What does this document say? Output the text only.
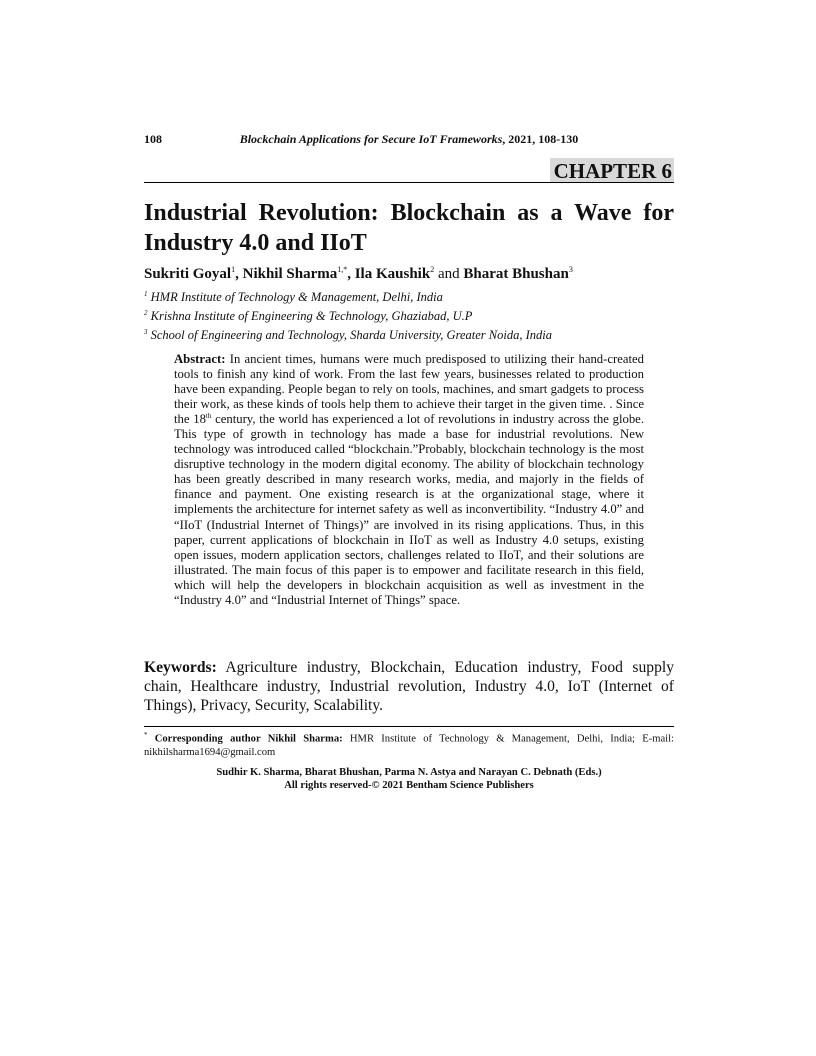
108	Blockchain Applications for Secure IoT Frameworks, 2021, 108-130
CHAPTER 6
Industrial Revolution: Blockchain as a Wave for Industry 4.0 and IIoT
Sukriti Goyal$^1$, Nikhil Sharma$^{1,*}$, Ila Kaushik$^2$ and Bharat Bhushan$^3$
$^1$ HMR Institute of Technology & Management, Delhi, India
$^2$ Krishna Institute of Engineering & Technology, Ghaziabad, U.P
$^3$ School of Engineering and Technology, Sharda University, Greater Noida, India

Abstract: In ancient times, humans were much predisposed to utilizing their hand-created tools to finish any kind of work. From the last few years, businesses related to production have been expanding. People began to rely on tools, machines, and smart gadgets to process their work, as these kinds of tools help them to achieve their target in the given time. . Since the 18th century, the world has experienced a lot of revolutions in industry across the globe. This type of growth in technology has made a base for industrial revolutions. New technology was introduced called “blockchain.”Probably, blockchain technology is the most disruptive technology in the modern digital economy. The ability of blockchain technology has been greatly described in many research works, media, and majorly in the fields of finance and payment. One existing research is at the organizational stage, where it implements the architecture for internet safety as well as inconvertibility. “Industry 4.0” and “IIoT (Industrial Internet of Things)” are involved in its rising applications. Thus, in this paper, current applications of blockchain in IIoT as well as Industry 4.0 setups, existing open issues, modern application sectors, challenges related to IIoT, and their solutions are illustrated. The main focus of this paper is to empower and facilitate research in this field, which will help the developers in blockchain acquisition as well as investment in the “Industry 4.0” and “Industrial Internet of Things” space.

Keywords: Agriculture industry, Blockchain, Education industry, Food supply chain, Healthcare industry, Industrial revolution, Industry 4.0, IoT (Internet of Things), Privacy, Security, Scalability.

* Corresponding author Nikhil Sharma: HMR Institute of Technology & Management, Delhi, India; E-mail: nikhilsharma1694@gmail.com

Sudhir K. Sharma, Bharat Bhushan, Parma N. Astya and Narayan C. Debnath (Eds.)
All rights reserved-© 2021 Bentham Science Publishers
